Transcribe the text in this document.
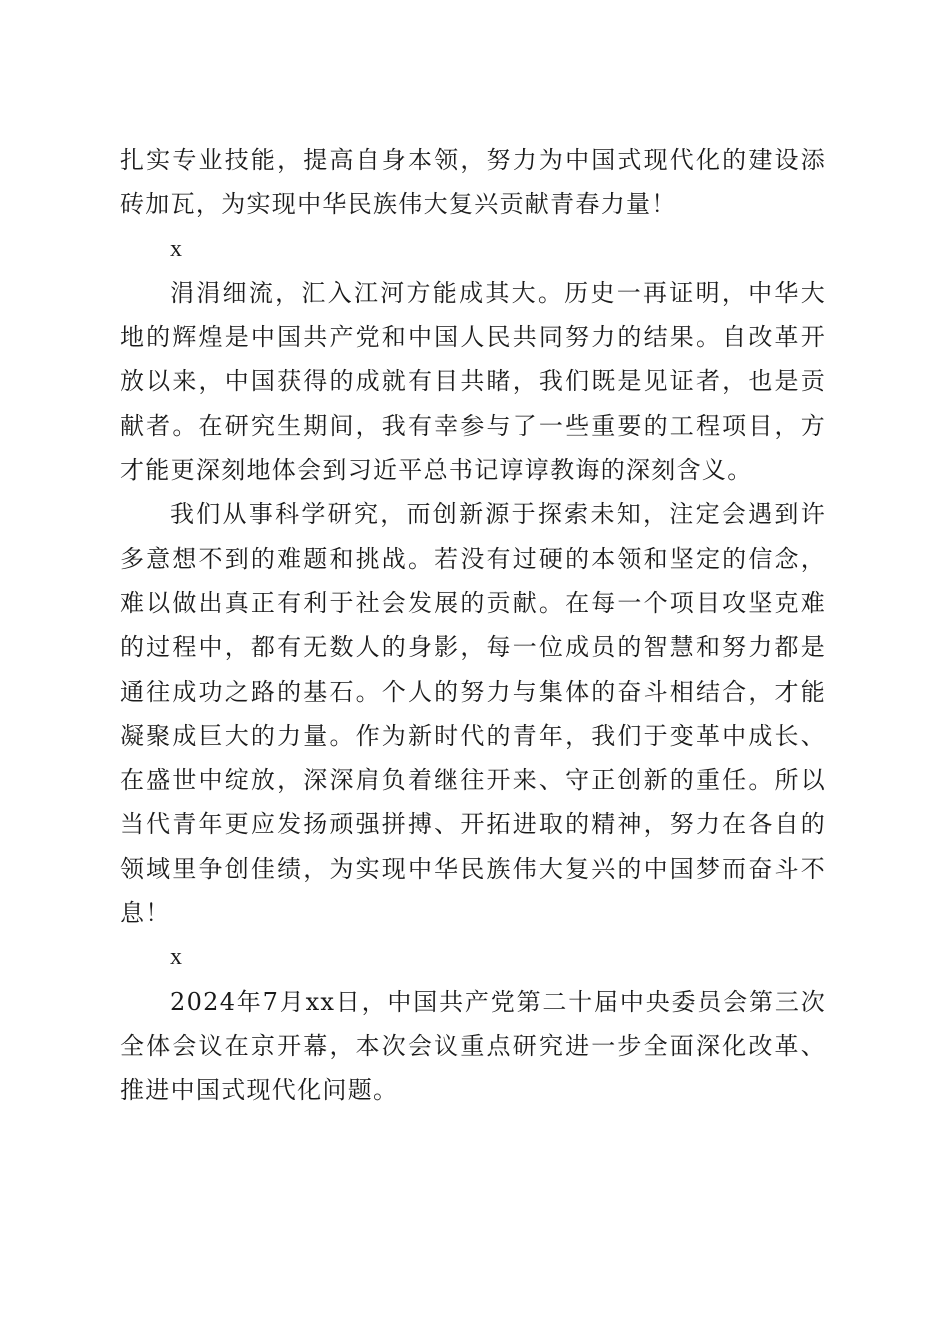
扎实专业技能，提高自身本领，努力为中国式现代化的建设添砖加瓦，为实现中华民族伟大复兴贡献青春力量！

x

涓涓细流，汇入江河方能成其大。历史一再证明，中华大地的辉煌是中国共产党和中国人民共同努力的结果。自改革开放以来，中国获得的成就有目共睹，我们既是见证者，也是贡献者。在研究生期间，我有幸参与了一些重要的工程项目，方才能更深刻地体会到习近平总书记谆谆教诲的深刻含义。

我们从事科学研究，而创新源于探索未知，注定会遇到许多意想不到的难题和挑战。若没有过硬的本领和坚定的信念，难以做出真正有利于社会发展的贡献。在每一个项目攻坚克难的过程中，都有无数人的身影，每一位成员的智慧和努力都是通往成功之路的基石。个人的努力与集体的奋斗相结合，才能凝聚成巨大的力量。作为新时代的青年，我们于变革中成长、在盛世中绽放，深深肩负着继往开来、守正创新的重任。所以当代青年更应发扬顽强拼搏、开拓进取的精神，努力在各自的领域里争创佳绩，为实现中华民族伟大复兴的中国梦而奋斗不息！

x

2024年7月xx日，中国共产党第二十届中央委员会第三次全体会议在京开幕，本次会议重点研究进一步全面深化改革、推进中国式现代化问题。
